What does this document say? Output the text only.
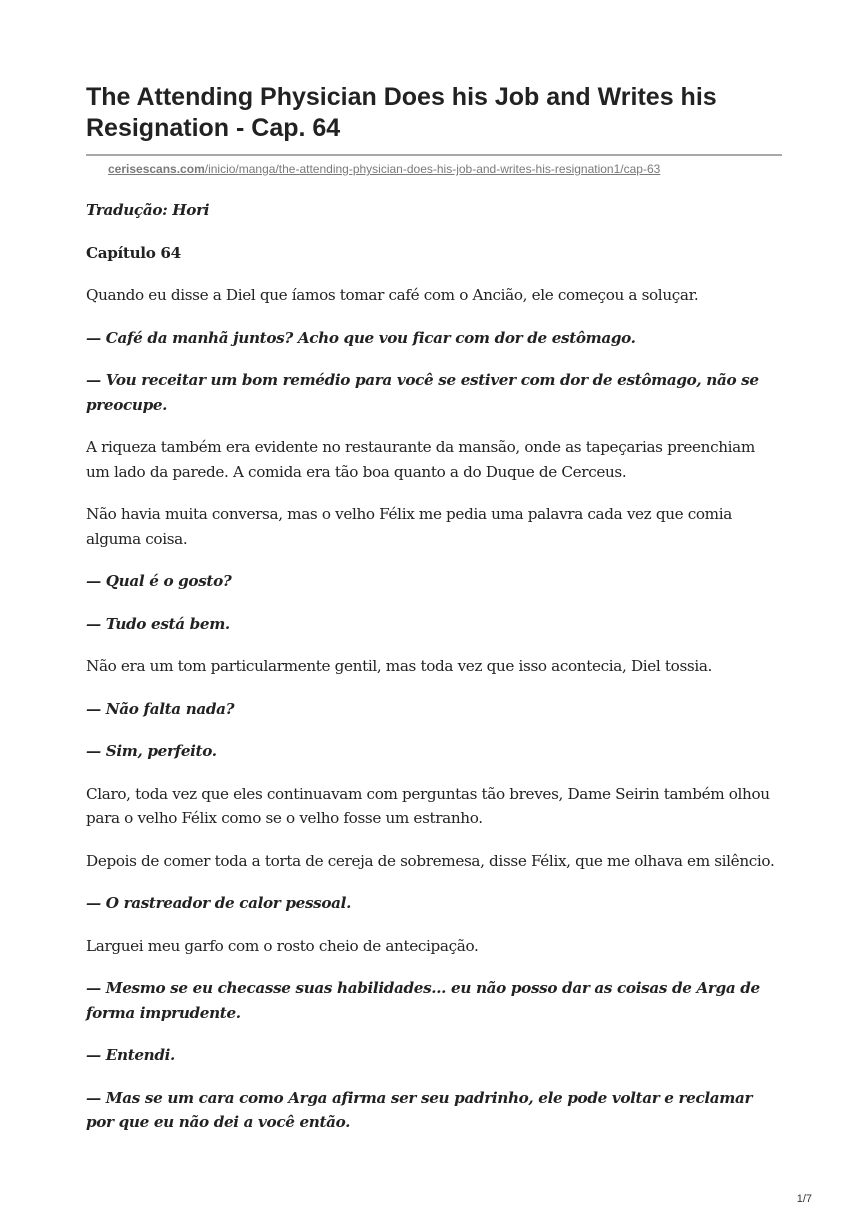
The Attending Physician Does his Job and Writes his Resignation - Cap. 64
cerisescans.com/inicio/manga/the-attending-physician-does-his-job-and-writes-his-resignation1/cap-63

Tradução: Hori

Capítulo 64

Quando eu disse a Diel que íamos tomar café com o Ancião, ele começou a soluçar.

— Café da manhã juntos? Acho que vou ficar com dor de estômago.

— Vou receitar um bom remédio para você se estiver com dor de estômago, não se preocupe.

A riqueza também era evidente no restaurante da mansão, onde as tapeçarias preenchiam um lado da parede. A comida era tão boa quanto a do Duque de Cerceus.

Não havia muita conversa, mas o velho Félix me pedia uma palavra cada vez que comia alguma coisa.

— Qual é o gosto?

— Tudo está bem.

Não era um tom particularmente gentil, mas toda vez que isso acontecia, Diel tossia.

— Não falta nada?

— Sim, perfeito.

Claro, toda vez que eles continuavam com perguntas tão breves, Dame Seirin também olhou para o velho Félix como se o velho fosse um estranho.

Depois de comer toda a torta de cereja de sobremesa, disse Félix, que me olhava em silêncio.

— O rastreador de calor pessoal.

Larguei meu garfo com o rosto cheio de antecipação.

— Mesmo se eu checasse suas habilidades... eu não posso dar as coisas de Arga de forma imprudente.

— Entendi.

— Mas se um cara como Arga afirma ser seu padrinho, ele pode voltar e reclamar por que eu não dei a você então.

1/7
